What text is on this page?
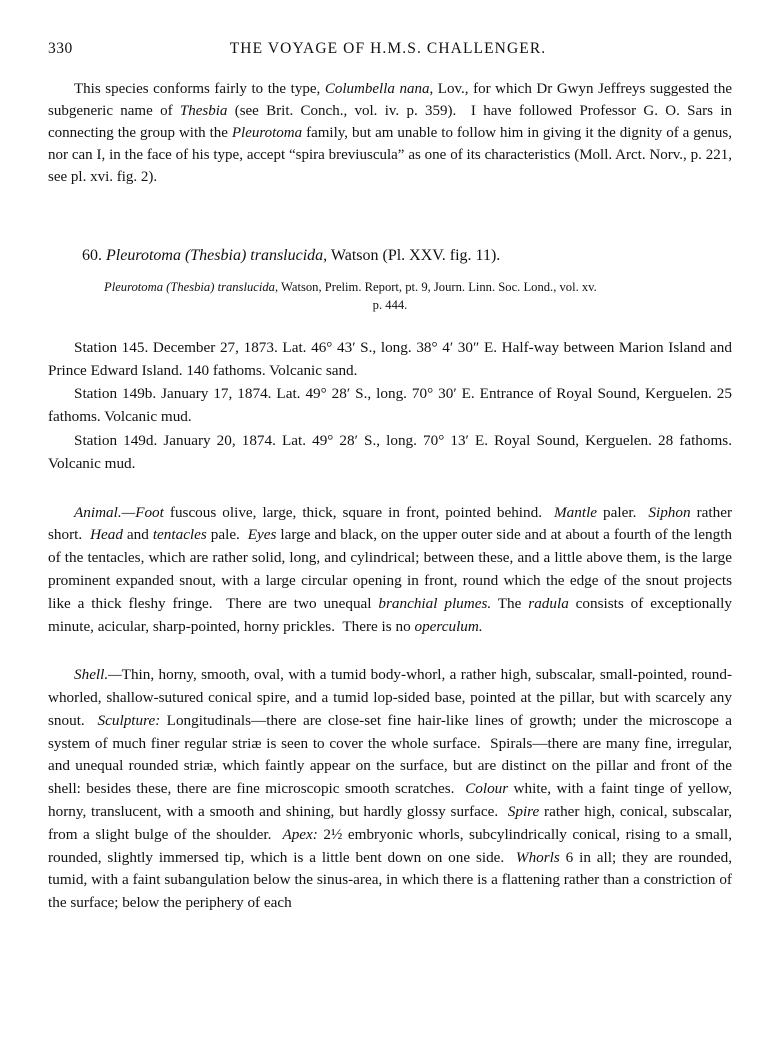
330	THE VOYAGE OF H.M.S. CHALLENGER.

This species conforms fairly to the type, Columbella nana, Lov., for which Dr Gwyn Jeffreys suggested the subgeneric name of Thesbia (see Brit. Conch., vol. iv. p. 359).  I have followed Professor G. O. Sars in connecting the group with the Pleurotoma family, but am unable to follow him in giving it the dignity of a genus, nor can I, in the face of his type, accept “spira breviuscula” as one of its characteristics (Moll. Arct. Norv., p. 221, see pl. xvi. fig. 2).

60. Pleurotoma (Thesbia) translucida, Watson (Pl. XXV. fig. 11).

Pleurotoma (Thesbia) translucida, Watson, Prelim. Report, pt. 9, Journ. Linn. Soc. Lond., vol. xv.

p. 444.

Station 145. December 27, 1873. Lat. 46° 43′ S., long. 38° 4′ 30″ E. Half-way between Marion Island and Prince Edward Island. 140 fathoms. Volcanic sand.

Station 149b. January 17, 1874. Lat. 49° 28′ S., long. 70° 30′ E. Entrance of Royal Sound, Kerguelen. 25 fathoms. Volcanic mud.

Station 149d. January 20, 1874. Lat. 49° 28′ S., long. 70° 13′ E. Royal Sound, Kerguelen. 28 fathoms. Volcanic mud.

Animal.—Foot fuscous olive, large, thick, square in front, pointed behind.  Mantle paler.  Siphon rather short.  Head and tentacles pale.  Eyes large and black, on the upper outer side and at about a fourth of the length of the tentacles, which are rather solid, long, and cylindrical; between these, and a little above them, is the large prominent expanded snout, with a large circular opening in front, round which the edge of the snout projects like a thick fleshy fringe.  There are two unequal branchial plumes. The radula consists of exceptionally minute, acicular, sharp-pointed, horny prickles.  There is no operculum.

Shell.—Thin, horny, smooth, oval, with a tumid body-whorl, a rather high, subscalar, small-pointed, round-whorled, shallow-sutured conical spire, and a tumid lop-sided base, pointed at the pillar, but with scarcely any snout.  Sculpture: Longitudinals—there are close-set fine hair-like lines of growth; under the microscope a system of much finer regular striæ is seen to cover the whole surface.  Spirals—there are many fine, irregular, and unequal rounded striæ, which faintly appear on the surface, but are distinct on the pillar and front of the shell: besides these, there are fine microscopic smooth scratches.  Colour white, with a faint tinge of yellow, horny, translucent, with a smooth and shining, but hardly glossy surface.  Spire rather high, conical, subscalar, from a slight bulge of the shoulder.  Apex: 2½ embryonic whorls, subcylindrically conical, rising to a small, rounded, slightly immersed tip, which is a little bent down on one side.  Whorls 6 in all; they are rounded, tumid, with a faint subangulation below the sinus-area, in which there is a flattening rather than a constriction of the surface; below the periphery of each
